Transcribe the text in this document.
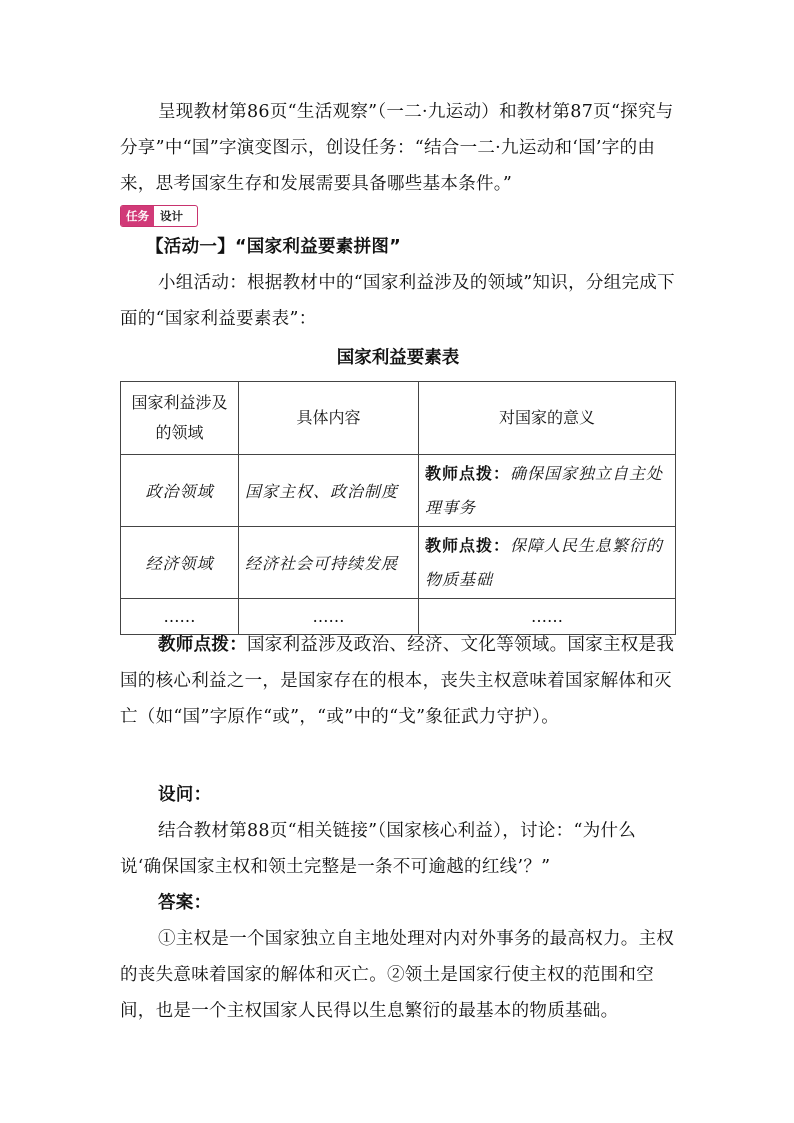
呈现教材第86页“生活观察”（一二·九运动）和教材第87页“探究与分享”中“国”字演变图示，创设任务：“结合一二·九运动和‘国’字的由来，思考国家生存和发展需要具备哪些基本条件。”
任务 设计
【活动一】“国家利益要素拼图”
小组活动：根据教材中的“国家利益涉及的领域”知识，分组完成下面的“国家利益要素表”：
国家利益要素表
国家利益涉及的领域	具体内容	对国家的意义
政治领域	国家主权、政治制度	教师点拨：确保国家独立自主处理事务
经济领域	经济社会可持续发展	教师点拨：保障人民生息繁衍的物质基础
……	……	……
教师点拨：国家利益涉及政治、经济、文化等领域。国家主权是我国的核心利益之一，是国家存在的根本，丧失主权意味着国家解体和灭亡（如“国”字原作“或”，“或”中的“戈”象征武力守护）。
设问：
结合教材第88页“相关链接”（国家核心利益），讨论：“为什么说‘确保国家主权和领土完整是一条不可逾越的红线’？”
答案：
①主权是一个国家独立自主地处理对内对外事务的最高权力。主权的丧失意味着国家的解体和灭亡。②领土是国家行使主权的范围和空间，也是一个主权国家人民得以生息繁衍的最基本的物质基础。
